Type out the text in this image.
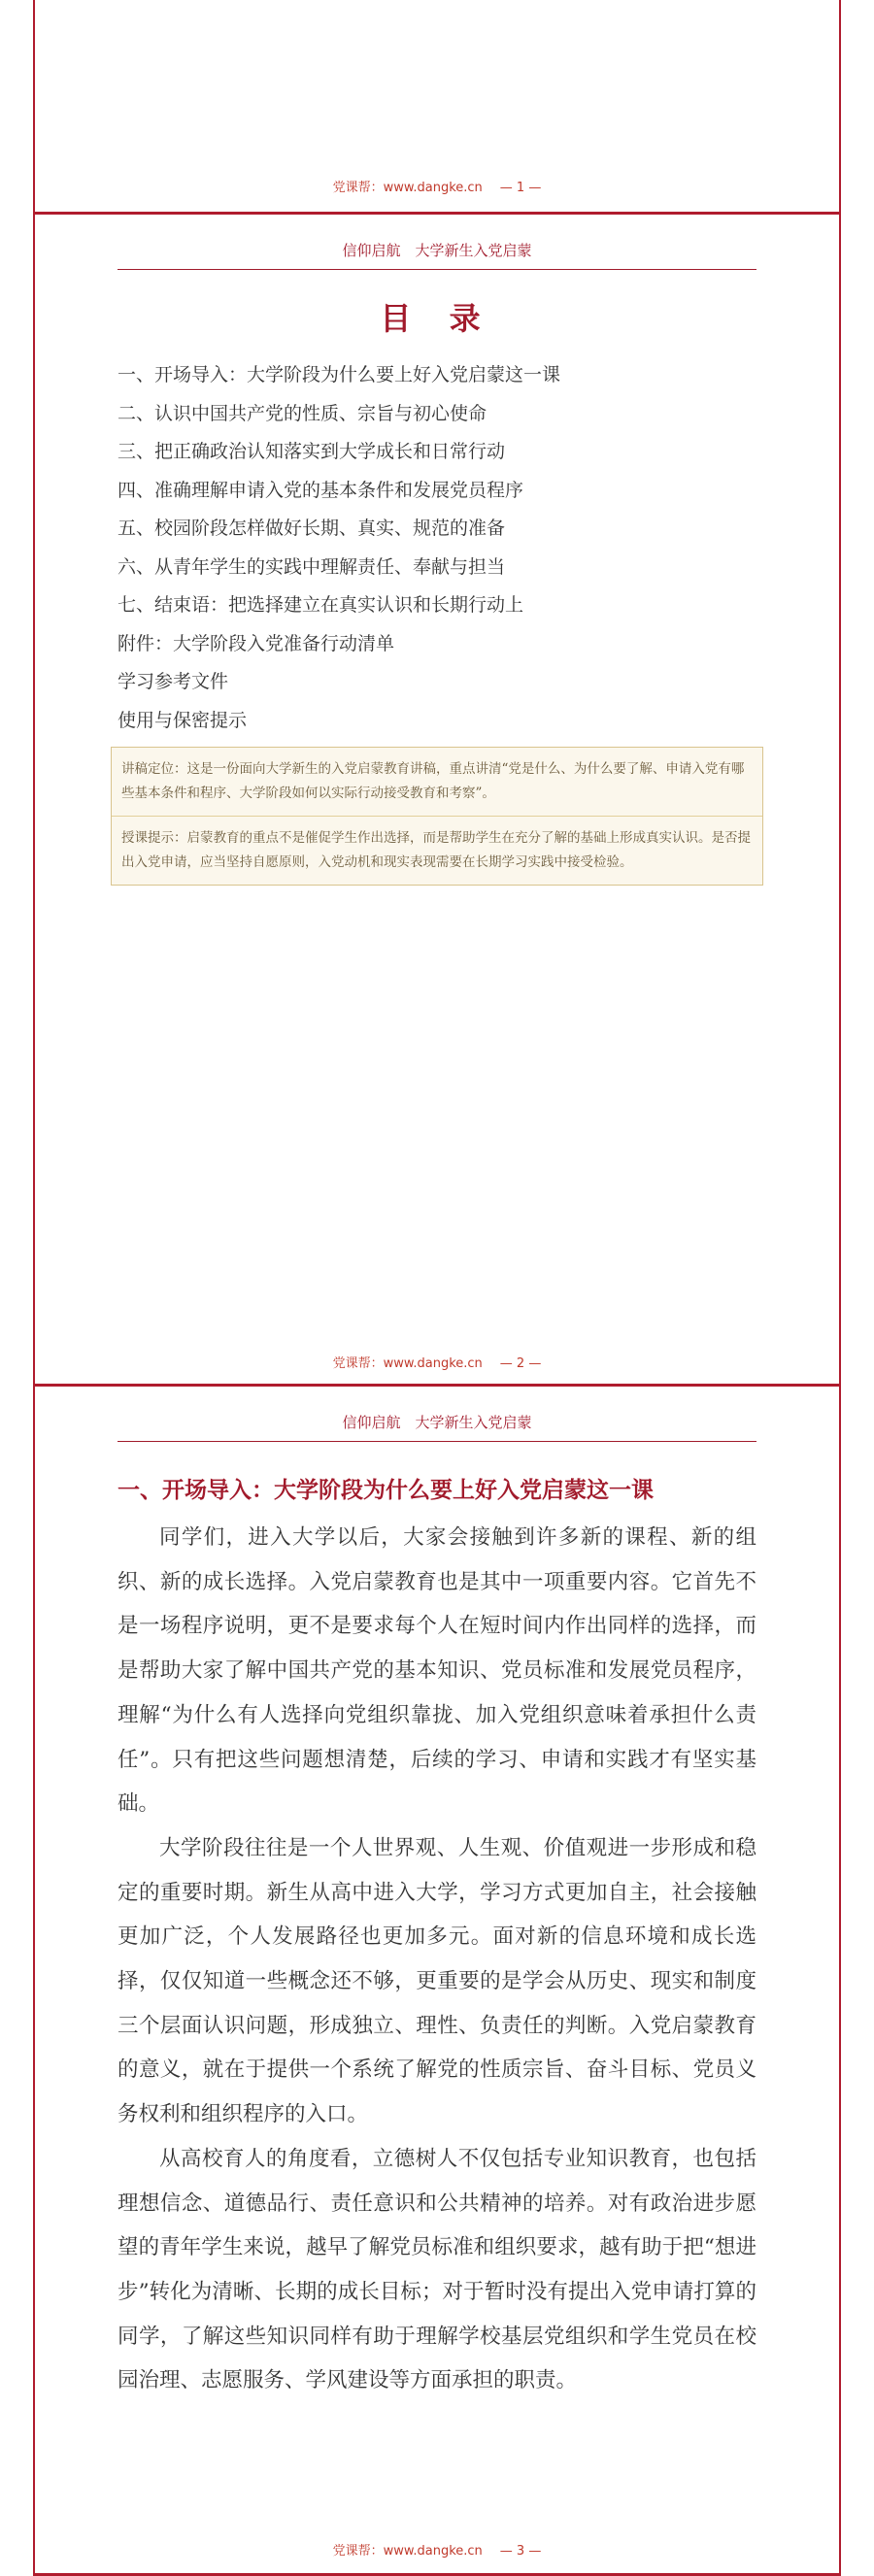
党课帮：www.dangke.cn — 1 —
信仰启航　大学新生入党启蒙
目 录
一、开场导入：大学阶段为什么要上好入党启蒙这一课
二、认识中国共产党的性质、宗旨与初心使命
三、把正确政治认知落实到大学成长和日常行动
四、准确理解申请入党的基本条件和发展党员程序
五、校园阶段怎样做好长期、真实、规范的准备
六、从青年学生的实践中理解责任、奉献与担当
七、结束语：把选择建立在真实认识和长期行动上
附件：大学阶段入党准备行动清单
学习参考文件
使用与保密提示
讲稿定位：这是一份面向大学新生的入党启蒙教育讲稿，重点讲清“党是什么、为什么要了解、申请入党有哪些基本条件和程序、大学阶段如何以实际行动接受教育和考察”。
授课提示：启蒙教育的重点不是催促学生作出选择，而是帮助学生在充分了解的基础上形成真实认识。是否提出入党申请，应当坚持自愿原则，入党动机和现实表现需要在长期学习实践中接受检验。
党课帮：www.dangke.cn — 2 —
信仰启航　大学新生入党启蒙
一、开场导入：大学阶段为什么要上好入党启蒙这一课

同学们，进入大学以后，大家会接触到许多新的课程、新的组织、新的成长选择。入党启蒙教育也是其中一项重要内容。它首先不是一场程序说明，更不是要求每个人在短时间内作出同样的选择，而是帮助大家了解中国共产党的基本知识、党员标准和发展党员程序，理解“为什么有人选择向党组织靠拢、加入党组织意味着承担什么责任”。只有把这些问题想清楚，后续的学习、申请和实践才有坚实基础。

大学阶段往往是一个人世界观、人生观、价值观进一步形成和稳定的重要时期。新生从高中进入大学，学习方式更加自主，社会接触更加广泛，个人发展路径也更加多元。面对新的信息环境和成长选择，仅仅知道一些概念还不够，更重要的是学会从历史、现实和制度三个层面认识问题，形成独立、理性、负责任的判断。入党启蒙教育的意义，就在于提供一个系统了解党的性质宗旨、奋斗目标、党员义务权利和组织程序的入口。

从高校育人的角度看，立德树人不仅包括专业知识教育，也包括理想信念、道德品行、责任意识和公共精神的培养。对有政治进步愿望的青年学生来说，越早了解党员标准和组织要求，越有助于把“想进步”转化为清晰、长期的成长目标；对于暂时没有提出入党申请打算的同学，了解这些知识同样有助于理解学校基层党组织和学生党员在校园治理、志愿服务、学风建设等方面承担的职责。

党课帮：www.dangke.cn — 3 —
